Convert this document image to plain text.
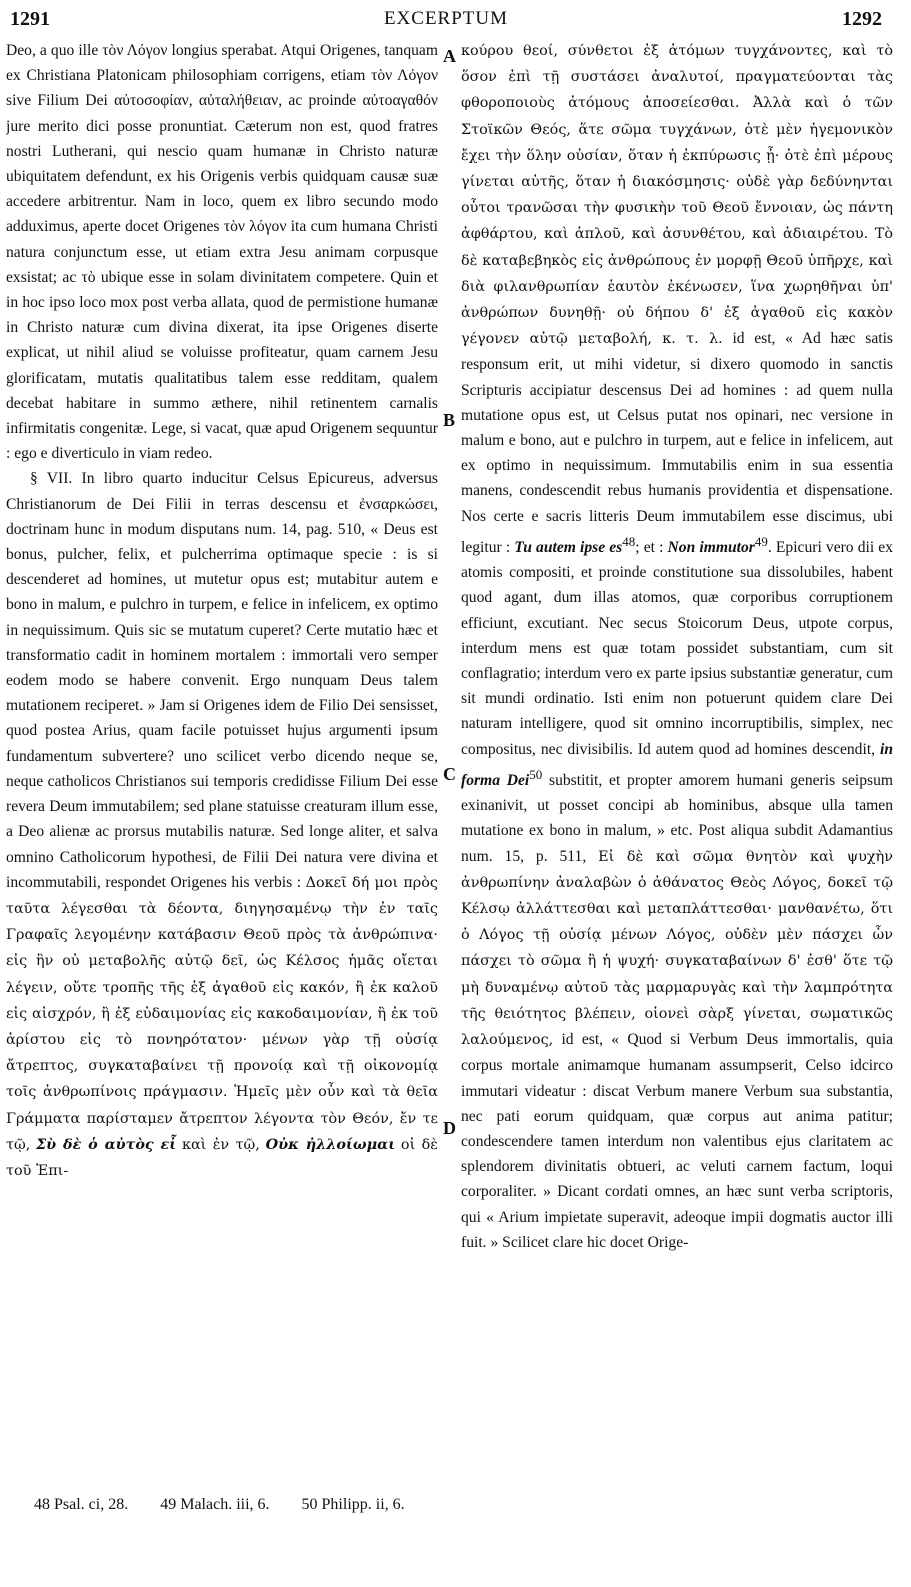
1291	EXCERPTUM	1292

Deo, a quo ille τὸν Λόγον longius sperabat. Atqui Origenes, tanquam ex Christiana Platonicam philosophiam corrigens, etiam τὸν Λόγον sive Filium Dei αὐτοσοφίαν, αὐταλήθειαν, ac proinde αὐτοαγαθόν jure merito dici posse pronuntiat. Cæterum non est, quod fratres nostri Lutherani, qui nescio quam humanæ in Christo naturæ ubiquitatem defendunt, ex his Origenis verbis quidquam causæ suæ accedere arbitrentur. Nam in loco, quem ex libro secundo modo adduximus, aperte docet Origenes τὸν λόγον ita cum humana Christi natura conjunctum esse, ut etiam extra Jesu animam corpusque exsistat; ac τὸ ubique esse in solam divinitatem competere. Quin et in hoc ipso loco mox post verba allata, quod de permistione humanæ in Christo naturæ cum divina dixerat, ita ipse Origenes diserte explicat, ut nihil aliud se voluisse profiteatur, quam carnem Jesu glorificatam, mutatis qualitatibus talem esse redditam, qualem decebat habitare in summo æthere, nihil retinentem carnalis infirmitatis congenitæ. Lege, si vacat, quæ apud Origenem sequuntur : ego e diverticulo in viam redeo.

§ VII. In libro quarto inducitur Celsus Epicureus, adversus Christianorum de Dei Filii in terras descensu et ἐνσαρκώσει, doctrinam hunc in modum disputans num. 14, pag. 510, « Deus est bonus, pulcher, felix, et pulcherrima optimaque specie : is si descenderet ad homines, ut mutetur opus est; mutabitur autem e bono in malum, e pulchro in turpem, e felice in infelicem, ex optimo in nequissimum. Quis sic se mutatum cuperet? Certe mutatio hæc et transformatio cadit in hominem mortalem : immortali vero semper eodem modo se habere convenit. Ergo nunquam Deus talem mutationem reciperet. » Jam si Origenes idem de Filio Dei sensisset, quod postea Arius, quam facile potuisset hujus argumenti ipsum fundamentum subvertere? uno scilicet verbo dicendo neque se, neque catholicos Christianos sui temporis credidisse Filium Dei esse revera Deum immutabilem; sed plane statuisse creaturam illum esse, a Deo alienæ ac prorsus mutabilis naturæ. Sed longe aliter, et salva omnino Catholicorum hypothesi, de Filii Dei natura vere divina et incommutabili, respondet Origenes his verbis : Δοκεῖ δή μοι πρὸς ταῦτα λέγεσθαι τὰ δέοντα, διηγησαμένῳ τὴν ἐν ταῖς Γραφαῖς λεγομένην κατάβασιν Θεοῦ πρὸς τὰ ἀνθρώπινα· εἰς ἣν οὐ μεταβολῆς αὐτῷ δεῖ, ὡς Κέλσος ἡμᾶς οἴεται λέγειν, οὔτε τροπῆς τῆς ἐξ ἀγαθοῦ εἰς κακόν, ἢ ἐκ καλοῦ εἰς αἰσχρόν, ἢ ἐξ εὐδαιμονίας εἰς κακοδαιμονίαν, ἢ ἐκ τοῦ ἀρίστου εἰς τὸ πονηρότατον· μένων γὰρ τῇ οὐσίᾳ ἄτρεπτος, συγκαταβαίνει τῇ προνοίᾳ καὶ τῇ οἰκονομίᾳ τοῖς ἀνθρωπίνοις πράγμασιν. Ἡμεῖς μὲν οὖν καὶ τὰ θεῖα Γράμματα παρίσταμεν ἄτρεπτον λέγοντα τὸν Θεόν, ἔν τε τῷ, Σὺ δὲ ὁ αὐτὸς εἶ καὶ ἐν τῷ, Οὐκ ἠλλοίωμαι οἱ δὲ τοῦ Ἐπι-

A
B
C
D

κούρου θεοί, σύνθετοι ἐξ ἀτόμων τυγχάνοντες, καὶ τὸ ὅσον ἐπὶ τῇ συστάσει ἀναλυτοί, πραγματεύονται τὰς φθοροποιοὺς ἀτόμους ἀποσείεσθαι. Ἀλλὰ καὶ ὁ τῶν Στοϊκῶν Θεός, ἅτε σῶμα τυγχάνων, ὁτὲ μὲν ἡγεμονικὸν ἔχει τὴν ὅλην οὐσίαν, ὅταν ἡ ἐκπύρωσις ᾖ· ὁτὲ ἐπὶ μέρους γίνεται αὐτῆς, ὅταν ἡ διακόσμησις· οὐδὲ γὰρ δεδύνηνται οὗτοι τρανῶσαι τὴν φυσικὴν τοῦ Θεοῦ ἔννοιαν, ὡς πάντη ἀφθάρτου, καὶ ἁπλοῦ, καὶ ἀσυνθέτου, καὶ ἀδιαιρέτου. Τὸ δὲ καταβεβηκὸς εἰς ἀνθρώπους ἐν μορφῇ Θεοῦ ὑπῆρχε, καὶ διὰ φιλανθρωπίαν ἑαυτὸν ἐκένωσεν, ἵνα χωρηθῆναι ὑπ' ἀνθρώπων δυνηθῇ· οὐ δήπου δ' ἐξ ἀγαθοῦ εἰς κακὸν γέγονεν αὐτῷ μεταβολή, κ. τ. λ. id est, « Ad hæc satis responsum erit, ut mihi videtur, si dixero quomodo in sanctis Scripturis accipiatur descensus Dei ad homines : ad quem nulla mutatione opus est, ut Celsus putat nos opinari, nec versione in malum e bono, aut e pulchro in turpem, aut e felice in infelicem, aut ex optimo in nequissimum. Immutabilis enim in sua essentia manens, condescendit rebus humanis providentia et dispensatione. Nos certe e sacris litteris Deum immutabilem esse discimus, ubi legitur : Tu autem ipse $es^{48}$; et : Non immutor$^{49}$. Epicuri vero dii ex atomis compositi, et proinde constitutione sua dissolubiles, habent quod agant, dum illas atomos, quæ corporibus corruptionem efficiunt, excutiant. Nec secus Stoicorum Deus, utpote corpus, interdum mens est quæ totam possidet substantiam, cum sit conflagratio; interdum vero ex parte ipsius substantiæ generatur, cum sit mundi ordinatio. Isti enim non potuerunt quidem clare Dei naturam intelligere, quod sit omnino incorruptibilis, simplex, nec compositus, nec divisibilis. Id autem quod ad homines descendit, in forma Dei$^{50}$ substitit, et propter amorem humani generis seipsum exinanivit, ut posset concipi ab hominibus, absque ulla tamen mutatione ex bono in malum, » etc. Post aliqua subdit Adamantius num. 15, p. 511, Εἰ δὲ καὶ σῶμα θνητὸν καὶ ψυχὴν ἀνθρωπίνην ἀναλαβὼν ὁ ἀθάνατος Θεὸς Λόγος, δοκεῖ τῷ Κέλσῳ ἀλλάττεσθαι καὶ μεταπλάττεσθαι· μανθανέτω, ὅτι ὁ Λόγος τῇ οὐσίᾳ μένων Λόγος, οὐδὲν μὲν πάσχει ὧν πάσχει τὸ σῶμα ἢ ἡ ψυχή· συγκαταβαίνων δ' ἐσθ' ὅτε τῷ μὴ δυναμένῳ αὐτοῦ τὰς μαρμαρυγὰς καὶ τὴν λαμπρότητα τῆς θειότητος βλέπειν, οἱονεὶ σὰρξ γίνεται, σωματικῶς λαλούμενος, id est, « Quod si Verbum Deus immortalis, quia corpus mortale animamque humanam assumpserit, Celso idcirco immutari videatur : discat Verbum manere Verbum sua substantia, nec pati eorum quidquam, quæ corpus aut anima patitur; condescendere tamen interdum non valentibus ejus claritatem ac splendorem divinitatis obtueri, ac veluti carnem factum, loqui corporaliter. » Dicant cordati omnes, an hæc sunt verba scriptoris, qui « Arium impietate superavit, adeoque impii dogmatis auctor illi fuit. » Scilicet clare hic docet Orige-

48 Psal. ci, 28. 49 Malach. iii, 6. 50 Philipp. ii, 6.
